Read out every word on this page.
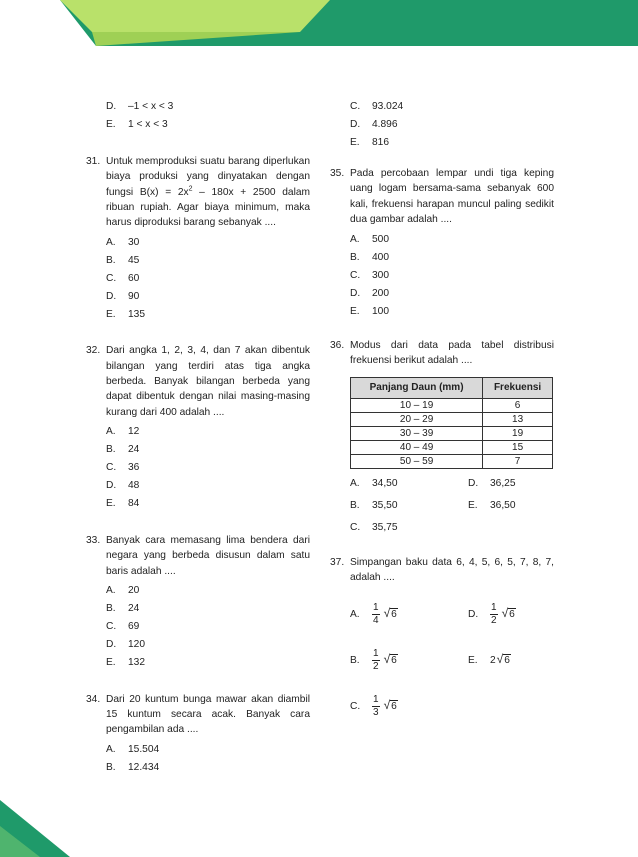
D.	–1 < x < 3
E.	1 < x < 3
31. Untuk memproduksi suatu barang diperlukan biaya produksi yang dinyatakan dengan fungsi $B(x) = 2x^2 - 180x + 2500$ dalam ribuan rupiah. Agar biaya minimum, maka harus diproduksi barang sebanyak ....
A.	30
B.	45
C.	60
D.	90
E.	135
32. Dari angka 1, 2, 3, 4, dan 7 akan dibentuk bilangan yang terdiri atas tiga angka berbeda. Banyak bilangan berbeda yang dapat dibentuk dengan nilai masing-masing kurang dari 400 adalah ....
A.	12
B.	24
C.	36
D.	48
E.	84
33. Banyak cara memasang lima bendera dari negara yang berbeda disusun dalam satu baris adalah ....
A.	20
B.	24
C.	69
D.	120
E.	132
34. Dari 20 kuntum bunga mawar akan diambil 15 kuntum secara acak. Banyak cara pengambilan ada ....
A.	15.504
B.	12.434
C.	93.024
D.	4.896
E.	816
35. Pada percobaan lempar undi tiga keping uang logam bersama-sama sebanyak 600 kali, frekuensi harapan muncul paling sedikit dua gambar adalah ....
A.	500
B.	400
C.	300
D.	200
E.	100
36. Modus dari data pada tabel distribusi frekuensi berikut adalah ....
Panjang Daun (mm)	Frekuensi
10 – 19	6
20 – 29	13
30 – 39	19
40 – 49	15
50 – 59	7
A.	34,50	D.	36,25
B.	35,50	E.	36,50
C.	35,75
37. Simpangan baku data 6, 4, 5, 6, 5, 7, 8, 7, adalah ....
A.	$\frac{1}{4}$ √ 6	D.	$\frac{1}{2}$ √ 6
B.	$\frac{1}{2}$ √ 6	E.	2 √ 6
C.	$\frac{1}{3}$ √ 6
